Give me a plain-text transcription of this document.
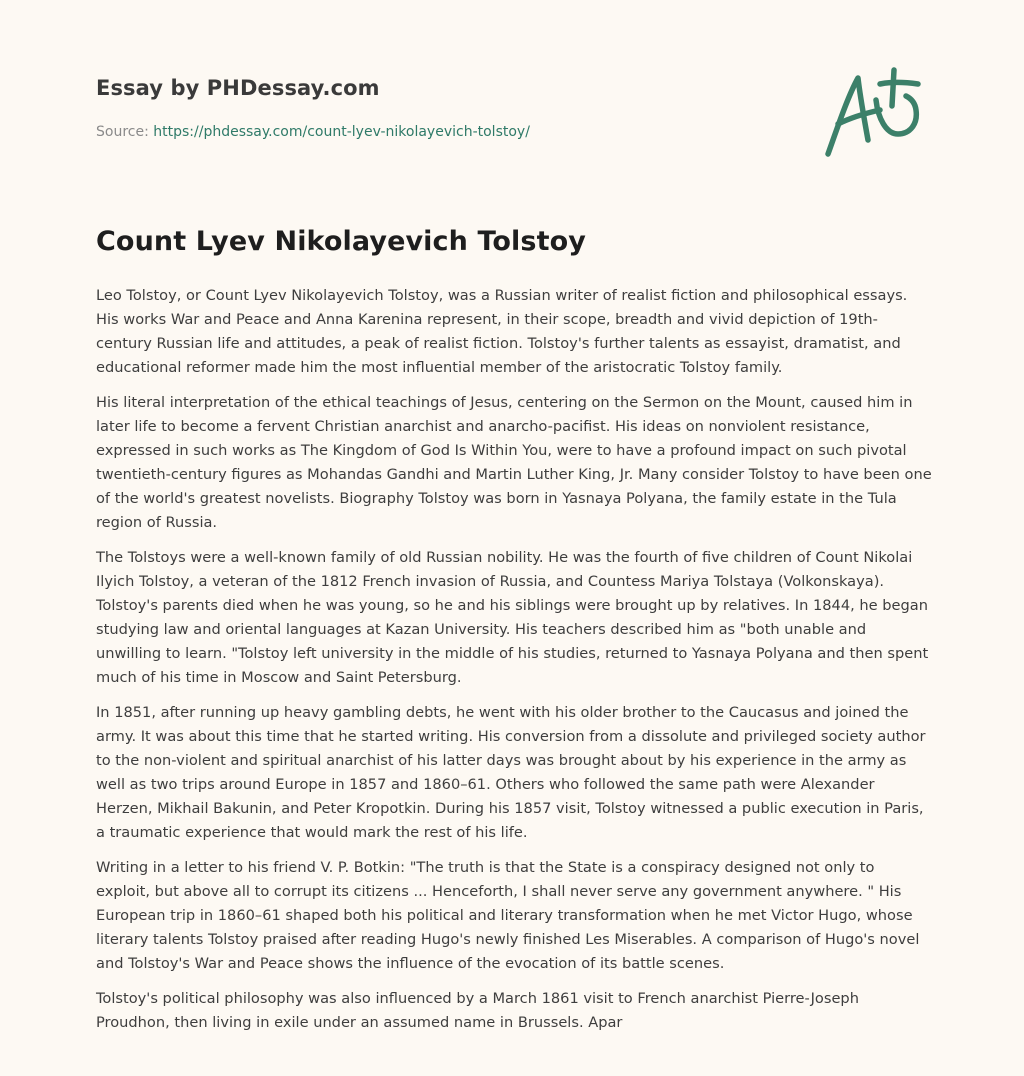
Essay by PHDessay.com
Source: https://phdessay.com/count-lyev-nikolayevich-tolstoy/
Count Lyev Nikolayevich Tolstoy

Leo Tolstoy, or Count Lyev Nikolayevich Tolstoy, was a Russian writer of realist fiction and philosophical essays. His works War and Peace and Anna Karenina represent, in their scope, breadth and vivid depiction of 19th-century Russian life and attitudes, a peak of realist fiction. Tolstoy's further talents as essayist, dramatist, and educational reformer made him the most influential member of the aristocratic Tolstoy family.

His literal interpretation of the ethical teachings of Jesus, centering on the Sermon on the Mount, caused him in later life to become a fervent Christian anarchist and anarcho-pacifist. His ideas on nonviolent resistance, expressed in such works as The Kingdom of God Is Within You, were to have a profound impact on such pivotal twentieth-century figures as Mohandas Gandhi and Martin Luther King, Jr. Many consider Tolstoy to have been one of the world's greatest novelists. Biography Tolstoy was born in Yasnaya Polyana, the family estate in the Tula region of Russia.

The Tolstoys were a well-known family of old Russian nobility. He was the fourth of five children of Count Nikolai Ilyich Tolstoy, a veteran of the 1812 French invasion of Russia, and Countess Mariya Tolstaya (Volkonskaya). Tolstoy's parents died when he was young, so he and his siblings were brought up by relatives. In 1844, he began studying law and oriental languages at Kazan University. His teachers described him as "both unable and unwilling to learn. "Tolstoy left university in the middle of his studies, returned to Yasnaya Polyana and then spent much of his time in Moscow and Saint Petersburg.

In 1851, after running up heavy gambling debts, he went with his older brother to the Caucasus and joined the army. It was about this time that he started writing. His conversion from a dissolute and privileged society author to the non-violent and spiritual anarchist of his latter days was brought about by his experience in the army as well as two trips around Europe in 1857 and 1860–61. Others who followed the same path were Alexander Herzen, Mikhail Bakunin, and Peter Kropotkin. During his 1857 visit, Tolstoy witnessed a public execution in Paris, a traumatic experience that would mark the rest of his life.

Writing in a letter to his friend V. P. Botkin: "The truth is that the State is a conspiracy designed not only to exploit, but above all to corrupt its citizens ... Henceforth, I shall never serve any government anywhere. " His European trip in 1860–61 shaped both his political and literary transformation when he met Victor Hugo, whose literary talents Tolstoy praised after reading Hugo's newly finished Les Miserables. A comparison of Hugo's novel and Tolstoy's War and Peace shows the influence of the evocation of its battle scenes.

Tolstoy's political philosophy was also influenced by a March 1861 visit to French anarchist Pierre-Joseph Proudhon, then living in exile under an assumed name in Brussels. Apar
